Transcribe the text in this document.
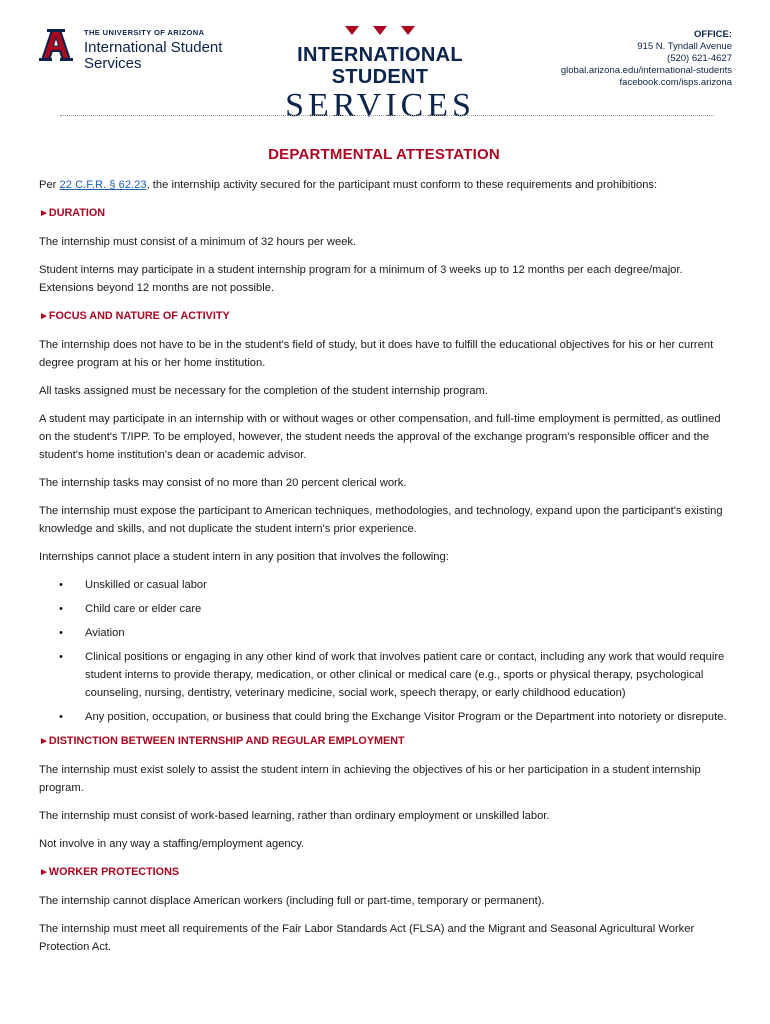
THE UNIVERSITY OF ARIZONA
International Student
Services	INTERNATIONAL STUDENT
SERVICES
OFFICE:
915 N. Tyndall Avenue
(520) 621-4627
global.arizona.edu/international-students
facebook.com/isps.arizona
DEPARTMENTAL ATTESTATION

Per 22 C.F.R. § 62.23, the internship activity secured for the participant must conform to these requirements and prohibitions:

►DURATION

The internship must consist of a minimum of 32 hours per week.

Student interns may participate in a student internship program for a minimum of 3 weeks up to 12 months per each degree/major. Extensions beyond 12 months are not possible.

►FOCUS AND NATURE OF ACTIVITY

The internship does not have to be in the student's field of study, but it does have to fulfill the educational objectives for his or her current degree program at his or her home institution.

All tasks assigned must be necessary for the completion of the student internship program.

A student may participate in an internship with or without wages or other compensation, and full-time employment is permitted, as outlined on the student's T/IPP. To be employed, however, the student needs the approval of the exchange program's responsible officer and the student's home institution's dean or academic advisor.

The internship tasks may consist of no more than 20 percent clerical work.

The internship must expose the participant to American techniques, methodologies, and technology, expand upon the participant's existing knowledge and skills, and not duplicate the student intern's prior experience.

Internships cannot place a student intern in any position that involves the following:

• Unskilled or casual labor
• Child care or elder care
• Aviation
• Clinical positions or engaging in any other kind of work that involves patient care or contact, including any work that would require student interns to provide therapy, medication, or other clinical or medical care (e.g., sports or physical therapy, psychological counseling, nursing, dentistry, veterinary medicine, social work, speech therapy, or early childhood education)
• Any position, occupation, or business that could bring the Exchange Visitor Program or the Department into notoriety or disrepute.
►DISTINCTION BETWEEN INTERNSHIP AND REGULAR EMPLOYMENT

The internship must exist solely to assist the student intern in achieving the objectives of his or her participation in a student internship program.

The internship must consist of work-based learning, rather than ordinary employment or unskilled labor.

Not involve in any way a staffing/employment agency.

►WORKER PROTECTIONS

The internship cannot displace American workers (including full or part-time, temporary or permanent).

The internship must meet all requirements of the Fair Labor Standards Act (FLSA) and the Migrant and Seasonal Agricultural Worker Protection Act.
